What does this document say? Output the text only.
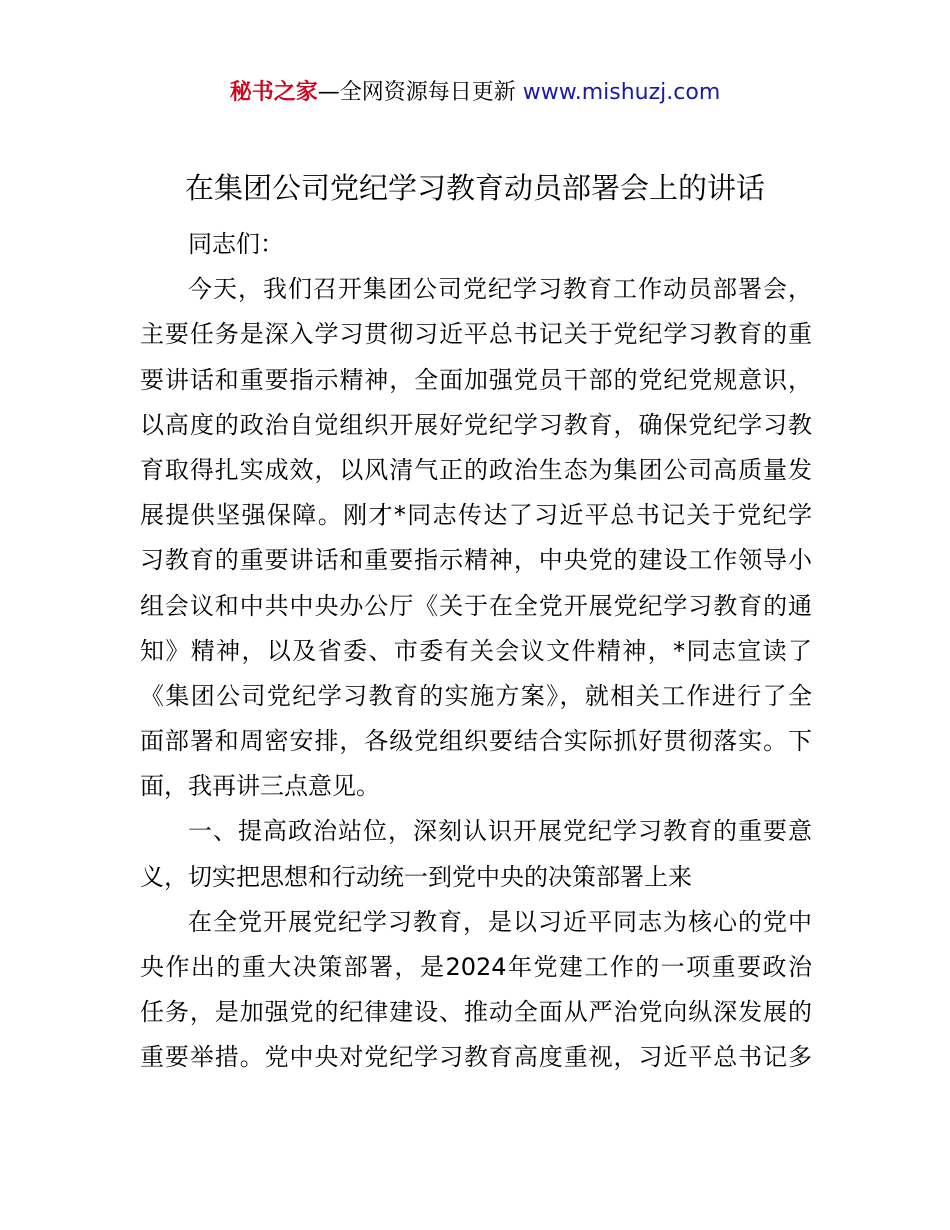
秘书之家—全网资源每日更新 www.mishuzj.com
在集团公司党纪学习教育动员部署会上的讲话
同志们：
今天，我们召开集团公司党纪学习教育工作动员部署会，
主要任务是深入学习贯彻习近平总书记关于党纪学习教育的重
要讲话和重要指示精神，全面加强党员干部的党纪党规意识，
以高度的政治自觉组织开展好党纪学习教育，确保党纪学习教
育取得扎实成效，以风清气正的政治生态为集团公司高质量发
展提供坚强保障。刚才*同志传达了习近平总书记关于党纪学
习教育的重要讲话和重要指示精神，中央党的建设工作领导小
组会议和中共中央办公厅《关于在全党开展党纪学习教育的通
知》精神，以及省委、市委有关会议文件精神，*同志宣读了
《集团公司党纪学习教育的实施方案》，就相关工作进行了全
面部署和周密安排，各级党组织要结合实际抓好贯彻落实。下
面，我再讲三点意见。
一、提高政治站位，深刻认识开展党纪学习教育的重要意
义，切实把思想和行动统一到党中央的决策部署上来
在全党开展党纪学习教育，是以习近平同志为核心的党中
央作出的重大决策部署，是2024年党建工作的一项重要政治
任务，是加强党的纪律建设、推动全面从严治党向纵深发展的
重要举措。党中央对党纪学习教育高度重视，习近平总书记多
